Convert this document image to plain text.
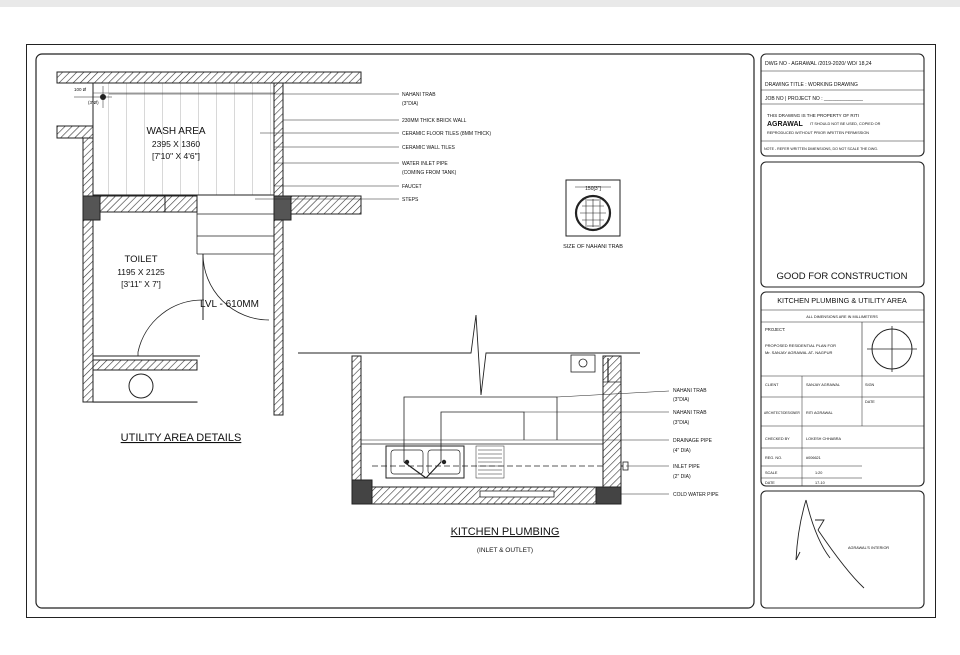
100 Ø
(3"Ø)
WASH AREA
2395 X 1360
[7'10" X 4'6"]
TOILET
1195 X 2125
[3'11" X 7']
LVL - 610MM
UTILITY AREA DETAILS
NAHANI TRAB
(3"DIA)
230MM THICK BRICK WALL
CERAMIC FLOOR TILES (8MM THICK)
CERAMIC WALL TILES
WATER INLET PIPE
(COMING FROM TANK)
FAUCET
STEPS
150[3"]
SIZE OF NAHANI TRAB
NAHANI TRAB
(3"DIA)
NAHANI TRAB
(3"DIA)
DRAINAGE PIPE
(4" DIA)
INLET PIPE
(2" DIA)
COLD WATER PIPE
KITCHEN PLUMBING
(INLET & OUTLET)
DWG NO - AGRAWAL /2019-2020/ WD/ 18,24
DRAWING TITLE : WORKING DRAWING
JOB NO | PROJECT NO : ______________
THIS DRAWING IS THE PROPERTY OF RITI
AGRAWAL IT SHOULD NOT BE USED, COPIED OR
REPRODUCED WITHOUT PRIOR WRITTEN PERMISSION
NOTE - REFER WRITTEN DIMENSIONS, DO NOT SCALE THE DWG.
GOOD FOR CONSTRUCTION
KITCHEN PLUMBING & UTILITY AREA
ALL DIMENSIONS ARE IN MILLIMETERS
PROJECT:
PROPOSED RESIDENTIAL PLAN FOR
Mr. SANJAY AGRAWAL AT- NAGPUR
CLIENT	SANJAY AGRAWAL	SIGN
DATE
ARCHITECT/DESIGNER RITI AGRAWAL
CHECKED BY	LOKESH CHHABRA
REG. NO.	#006621
SCALE	1:20
DATE	17-10
AGRAWAL'S INTERIOR
